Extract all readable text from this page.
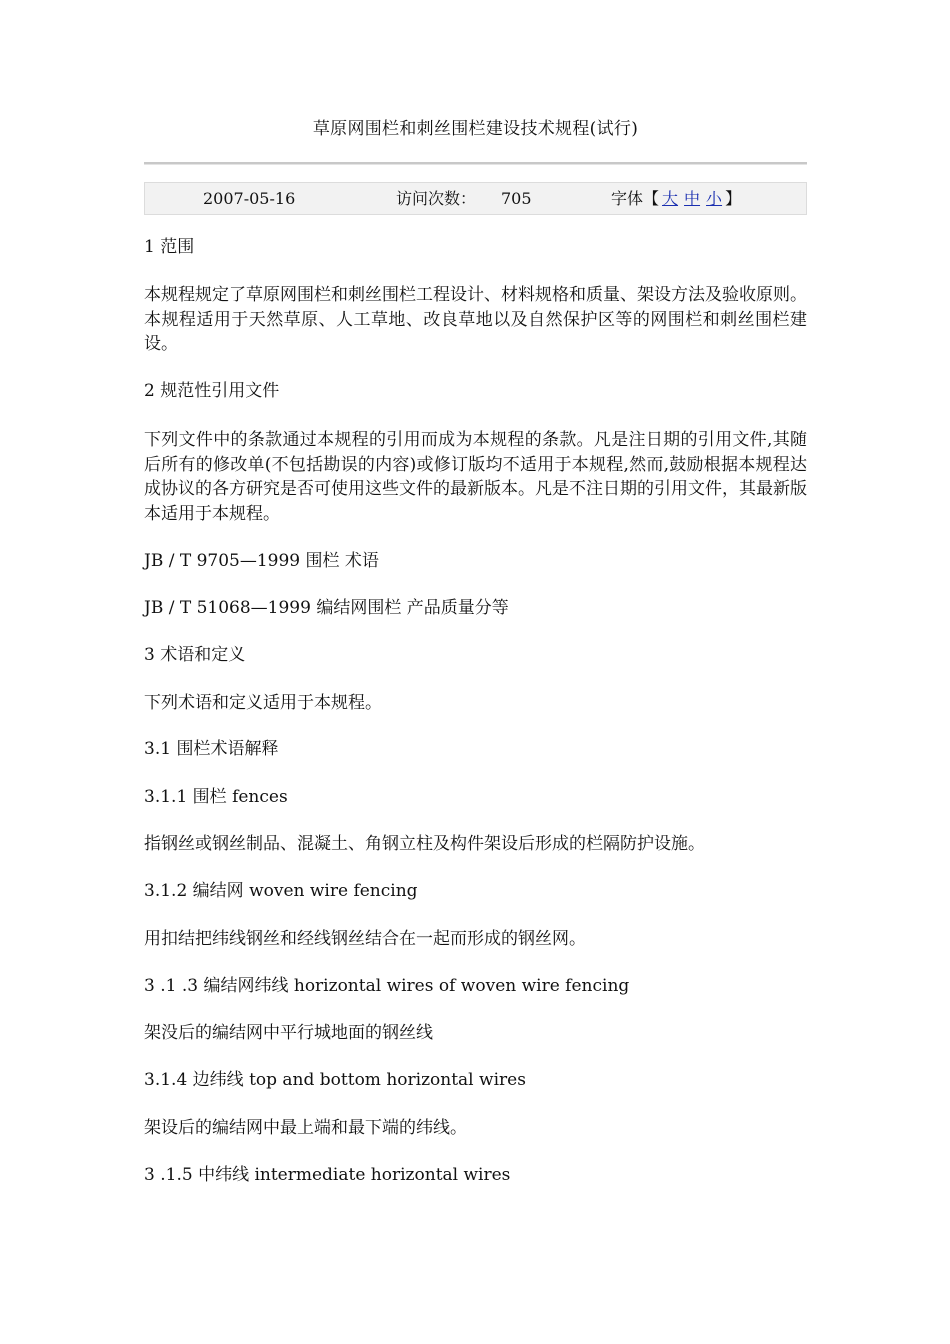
草原网围栏和刺丝围栏建设技术规程(试行)
2007-05-16	访问次数： 705	字体【 大 中 小 】

1 范围

本规程规定了草原网围栏和刺丝围栏工程设计、材料规格和质量、架设方法及验收原则。本规程适用于天然草原、人工草地、改良草地以及自然保护区等的网围栏和刺丝围栏建设。

2 规范性引用文件

下列文件中的条款通过本规程的引用而成为本规程的条款。凡是注日期的引用文件,其随后所有的修改单(不包括勘误的内容)或修订版均不适用于本规程,然而,鼓励根据本规程达成协议的各方研究是否可使用这些文件的最新版本。凡是不注日期的引用文件，其最新版本适用于本规程。

JB / T 9705—1999 围栏 术语

JB / T 51068—1999 编结网围栏 产品质量分等

3 术语和定义

下列术语和定义适用于本规程。

3.1 围栏术语解释

3.1.1 围栏 fences

指钢丝或钢丝制品、混凝土、角钢立柱及构件架设后形成的栏隔防护设施。

3.1.2 编结网 woven wire fencing

用扣结把纬线钢丝和经线钢丝结合在一起而形成的钢丝网。

3 .1 .3 编结网纬线 horizontal wires of woven wire fencing

架没后的编结网中平行城地面的钢丝线

3.1.4 边纬线 top and bottom horizontal wires

架设后的编结网中最上端和最下端的纬线。

3 .1.5 中纬线 intermediate horizontal wires
